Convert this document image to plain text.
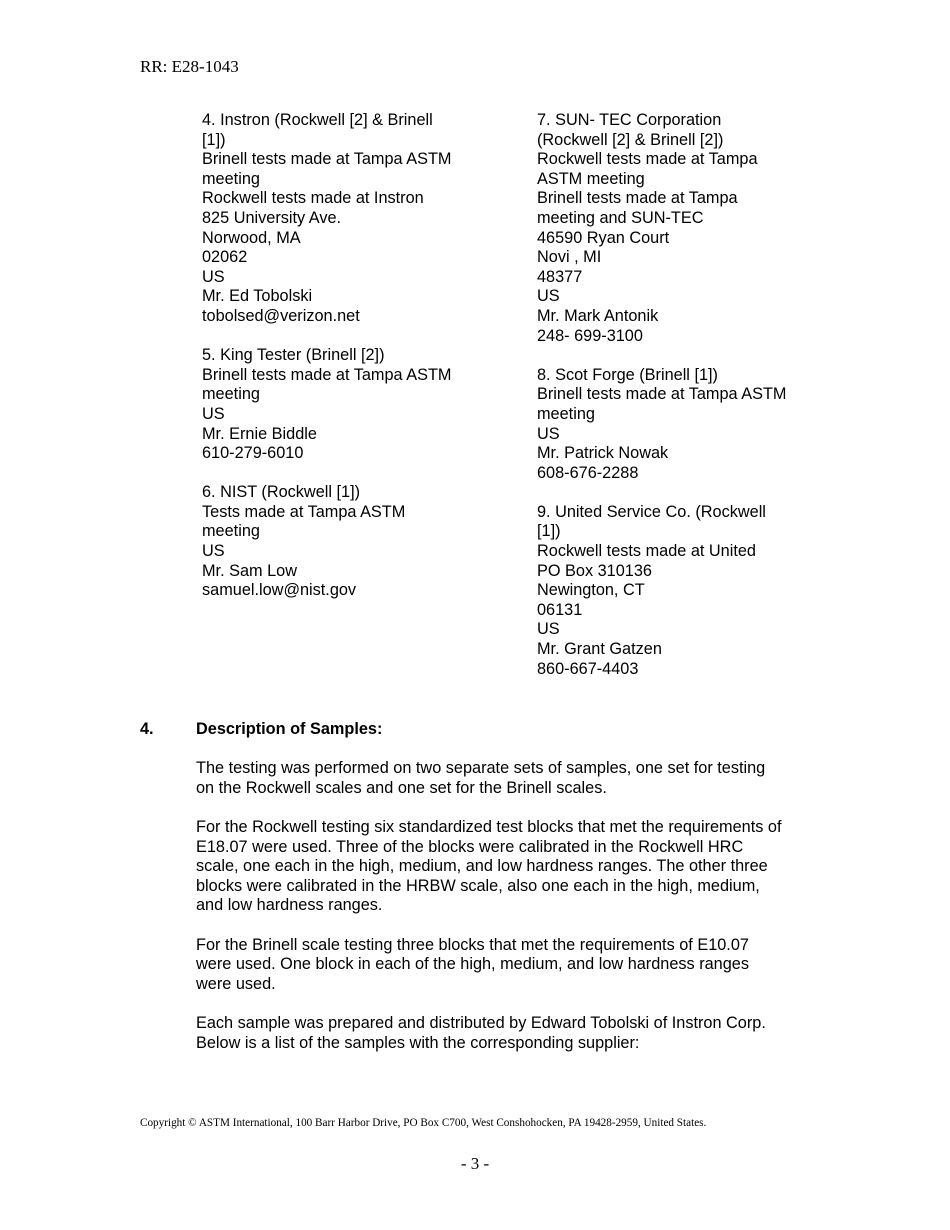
RR: E28-1043
4. Instron (Rockwell [2] & Brinell
[1])
Brinell tests made at Tampa ASTM
meeting
Rockwell tests made at Instron
825 University Ave.
Norwood, MA
02062
US
Mr. Ed Tobolski
tobolsed@verizon.net
5. King Tester (Brinell [2])
Brinell tests made at Tampa ASTM
meeting
US
Mr. Ernie Biddle
610-279-6010
6. NIST (Rockwell [1])
Tests made at Tampa ASTM
meeting
US
Mr. Sam Low
samuel.low@nist.gov
7. SUN- TEC Corporation
(Rockwell [2] & Brinell [2])
Rockwell tests made at Tampa
ASTM meeting
Brinell tests made at Tampa
meeting and SUN-TEC
46590 Ryan Court
Novi , MI
48377
US
Mr. Mark Antonik
248- 699-3100
8. Scot Forge (Brinell [1])
Brinell tests made at Tampa ASTM
meeting
US
Mr. Patrick Nowak
608-676-2288
9. United Service Co. (Rockwell
[1])
Rockwell tests made at United
PO Box 310136
Newington, CT
06131
US
Mr. Grant Gatzen
860-667-4403
4.	Description of Samples:
The testing was performed on two separate sets of samples, one set for testing
on the Rockwell scales and one set for the Brinell scales.
For the Rockwell testing six standardized test blocks that met the requirements of
E18.07 were used. Three of the blocks were calibrated in the Rockwell HRC
scale, one each in the high, medium, and low hardness ranges. The other three
blocks were calibrated in the HRBW scale, also one each in the high, medium,
and low hardness ranges.
For the Brinell scale testing three blocks that met the requirements of E10.07
were used. One block in each of the high, medium, and low hardness ranges
were used.
Each sample was prepared and distributed by Edward Tobolski of Instron Corp.
Below is a list of the samples with the corresponding supplier:
Copyright © ASTM International, 100 Barr Harbor Drive, PO Box C700, West Conshohocken, PA 19428-2959, United States.
- 3 -
